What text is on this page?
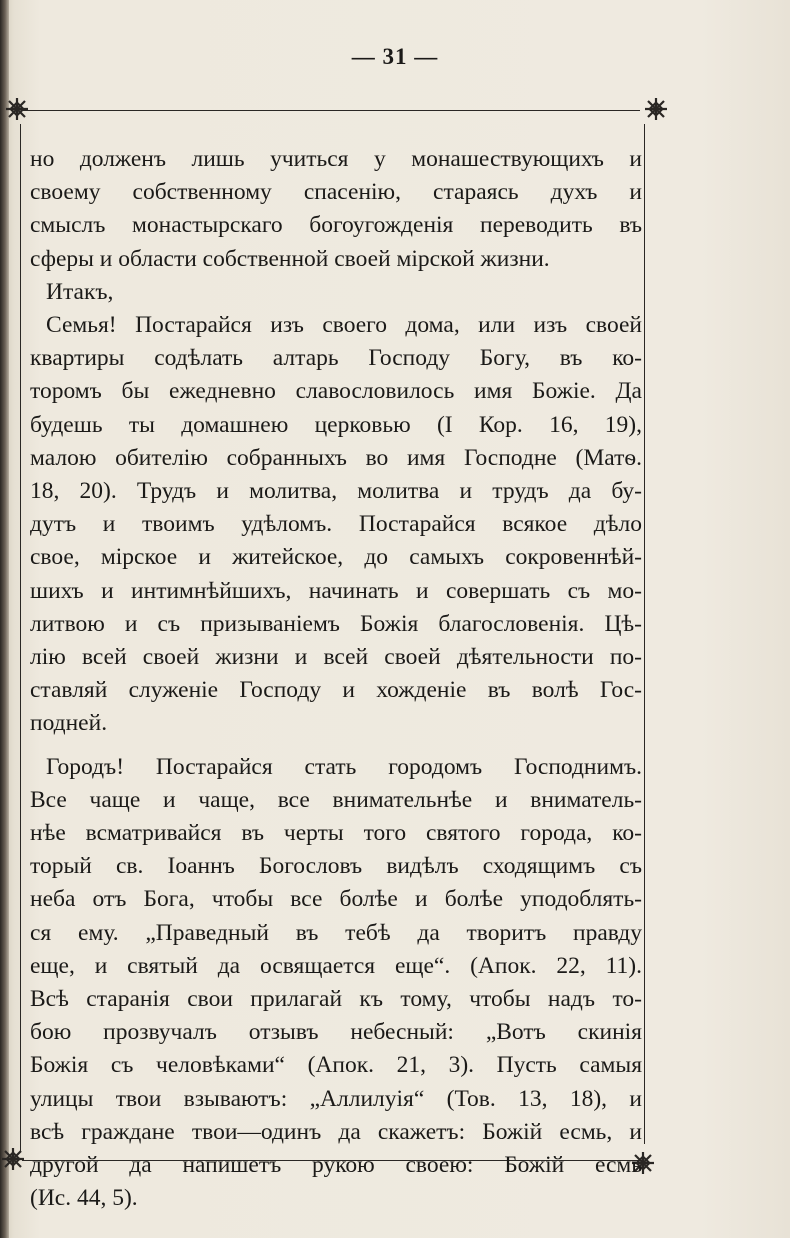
— 31 —
но долженъ лишь учиться у монашествующихъ и
своему собственному спасенію, стараясь духъ и
смыслъ монастырскаго богоугожденія переводить въ
сферы и области собственной своей мірской жизни.
Итакъ,
Семья! Постарайся изъ своего дома, или изъ своей
квартиры содѣлать алтарь Господу Богу, въ ко-
торомъ бы ежедневно славословилось имя Божіе. Да
будешь ты домашнею церковью (I Кор. 16, 19),
малою обителію собранныхъ во имя Господне (Матѳ.
18, 20). Трудъ и молитва, молитва и трудъ да бу-
дутъ и твоимъ удѣломъ. Постарайся всякое дѣло
свое, мірское и житейское, до самыхъ сокровеннѣй-
шихъ и интимнѣйшихъ, начинать и совершать съ мо-
литвою и съ призываніемъ Божія благословенія. Цѣ-
лію всей своей жизни и всей своей дѣятельности по-
ставляй служеніе Господу и хожденіе въ волѣ Гос-
подней.
Городъ! Постарайся стать городомъ Господнимъ.
Все чаще и чаще, все внимательнѣе и вниматель-
нѣе всматривайся въ черты того святого города, ко-
торый св. Іоаннъ Богословъ видѣлъ сходящимъ съ
неба отъ Бога, чтобы все болѣе и болѣе уподоблять-
ся ему. „Праведный въ тебѣ да творитъ правду
еще, и святый да освящается еще“. (Апок. 22, 11).
Всѣ старанія свои прилагай къ тому, чтобы надъ то-
бою прозвучалъ отзывъ небесный: „Вотъ скинія
Божія съ человѣками“ (Апок. 21, 3). Пусть самыя
улицы твои взываютъ: „Аллилуія“ (Тов. 13, 18), и
всѣ граждане твои—одинъ да скажетъ: Божій есмь, и
другой да напишетъ рукою своею: Божій есмь
(Ис. 44, 5).
